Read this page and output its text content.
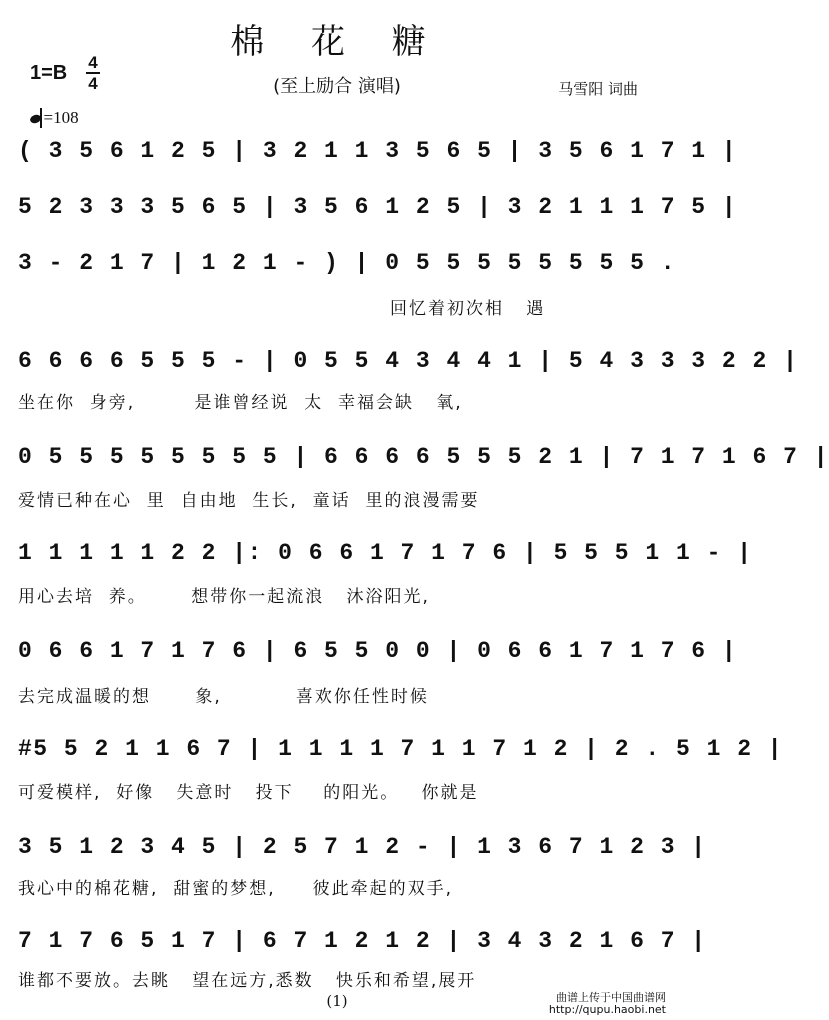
棉 花 糖
1=B 4
4	(至上励合 演唱)	马雪阳 词曲
=108
( 3 5 6 1 2 5 | 3 2 1 1 3 5 6 5 | 3 5 6 1 7 1 |
5 2 3 3 3 5 6 5 | 3 5 6 1 2 5 | 3 2 1 1 1 7 5 |
3 - 2 1 7 | 1 2 1 - ) | 0 5 5 5 5 5 5 5 5 .
回忆着初次相   遇
6 6 6 6 5 5 5 - | 0 5 5 4 3 4 4 1 | 5 4 3 3 3 2 2 |
坐在你  身旁,        是谁曾经说  太  幸福会缺   氧,
0 5 5 5 5 5 5 5 5 | 6 6 6 6 5 5 5 2 1 | 7 1 7 1 6 7 |
爱情已种在心  里  自由地  生长,  童话  里的浪漫需要
1 1 1 1 1 2 2 |: 0 6 6 1 7 1 7 6 | 5 5 5 1 1 - |
用心去培  养。      想带你一起流浪   沐浴阳光,
0 6 6 1 7 1 7 6 | 6 5 5 0 0 | 0 6 6 1 7 1 7 6 |
去完成温暖的想      象,          喜欢你任性时候
#5 5 2 1 1 6 7 | 1 1 1 1 7 1 1 7 1 2 | 2 . 5 1 2 |
可爱模样,  好像   失意时   投下    的阳光。   你就是
3 5 1 2 3 4 5 | 2 5 7 1 2 - | 1 3 6 7 1 2 3 |
我心中的棉花糖,  甜蜜的梦想,     彼此牵起的双手,
7 1 7 6 5 1 7 | 6 7 1 2 1 2 | 3 4 3 2 1 6 7 |
谁都不要放。去眺   望在远方,悉数   快乐和希望,展开
(1)	曲谱上传于中国曲谱网
http://qupu.haobi.net
